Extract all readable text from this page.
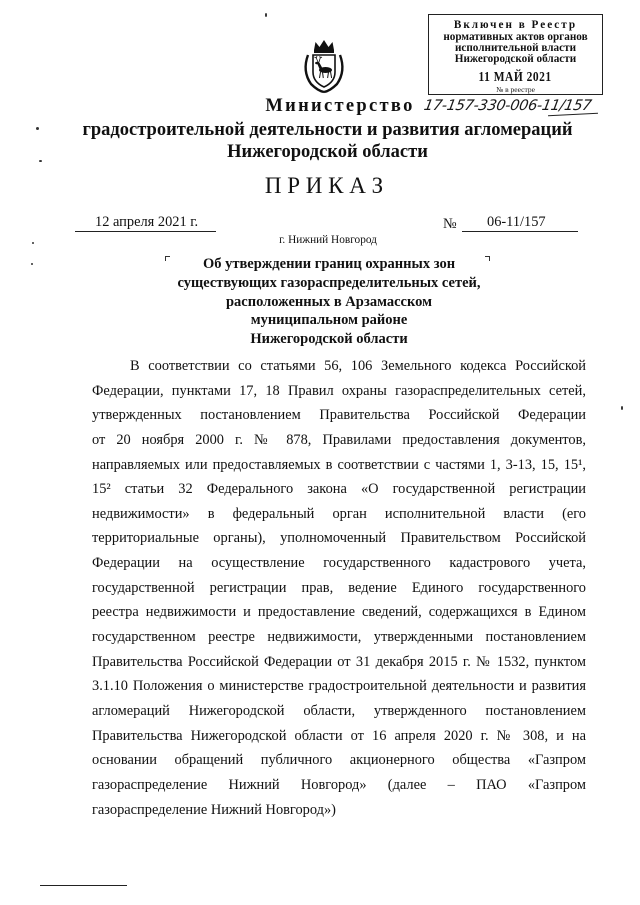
Включен в Реестр
нормативных актов органов
исполнительной власти
Нижегородской области
11 МАЙ 2021
№ в реестре
17-157-330-006-11/157
Министерство
градостроительной деятельности и развития агломераций
Нижегородской области
П Р И К А З
12 апреля 2021 г.	№ 06-11/157
г. Нижний Новгород
Об утверждении границ охранных зон
существующих газораспределительных сетей,
расположенных в Арзамасском
муниципальном районе
Нижегородской области
В соответствии со статьями 56, 106 Земельного кодекса Российской
Федерации, пунктами 17, 18 Правил охраны газораспределительных сетей,
утвержденных постановлением Правительства Российской Федерации
от 20 ноября 2000 г. № 878, Правилами предоставления документов,
направляемых или предоставляемых в соответствии с частями 1, 3-13, 15, 15¹,
15² статьи 32 Федерального закона «О государственной регистрации
недвижимости» в федеральный орган исполнительной власти (его
территориальные органы), уполномоченный Правительством Российской
Федерации на осуществление государственного кадастрового учета,
государственной регистрации прав, ведение Единого государственного
реестра недвижимости и предоставление сведений, содержащихся в Едином
государственном реестре недвижимости, утвержденными постановлением
Правительства Российской Федерации от 31 декабря 2015 г. № 1532, пунктом
3.1.10 Положения о министерстве градостроительной деятельности и развития
агломераций Нижегородской области, утвержденного постановлением
Правительства Нижегородской области от 16 апреля 2020 г. № 308, и на
основании обращений публичного акционерного общества «Газпром
газораспределение Нижний Новгород» (далее – ПАО «Газпром
газораспределение Нижний Новгород»)
